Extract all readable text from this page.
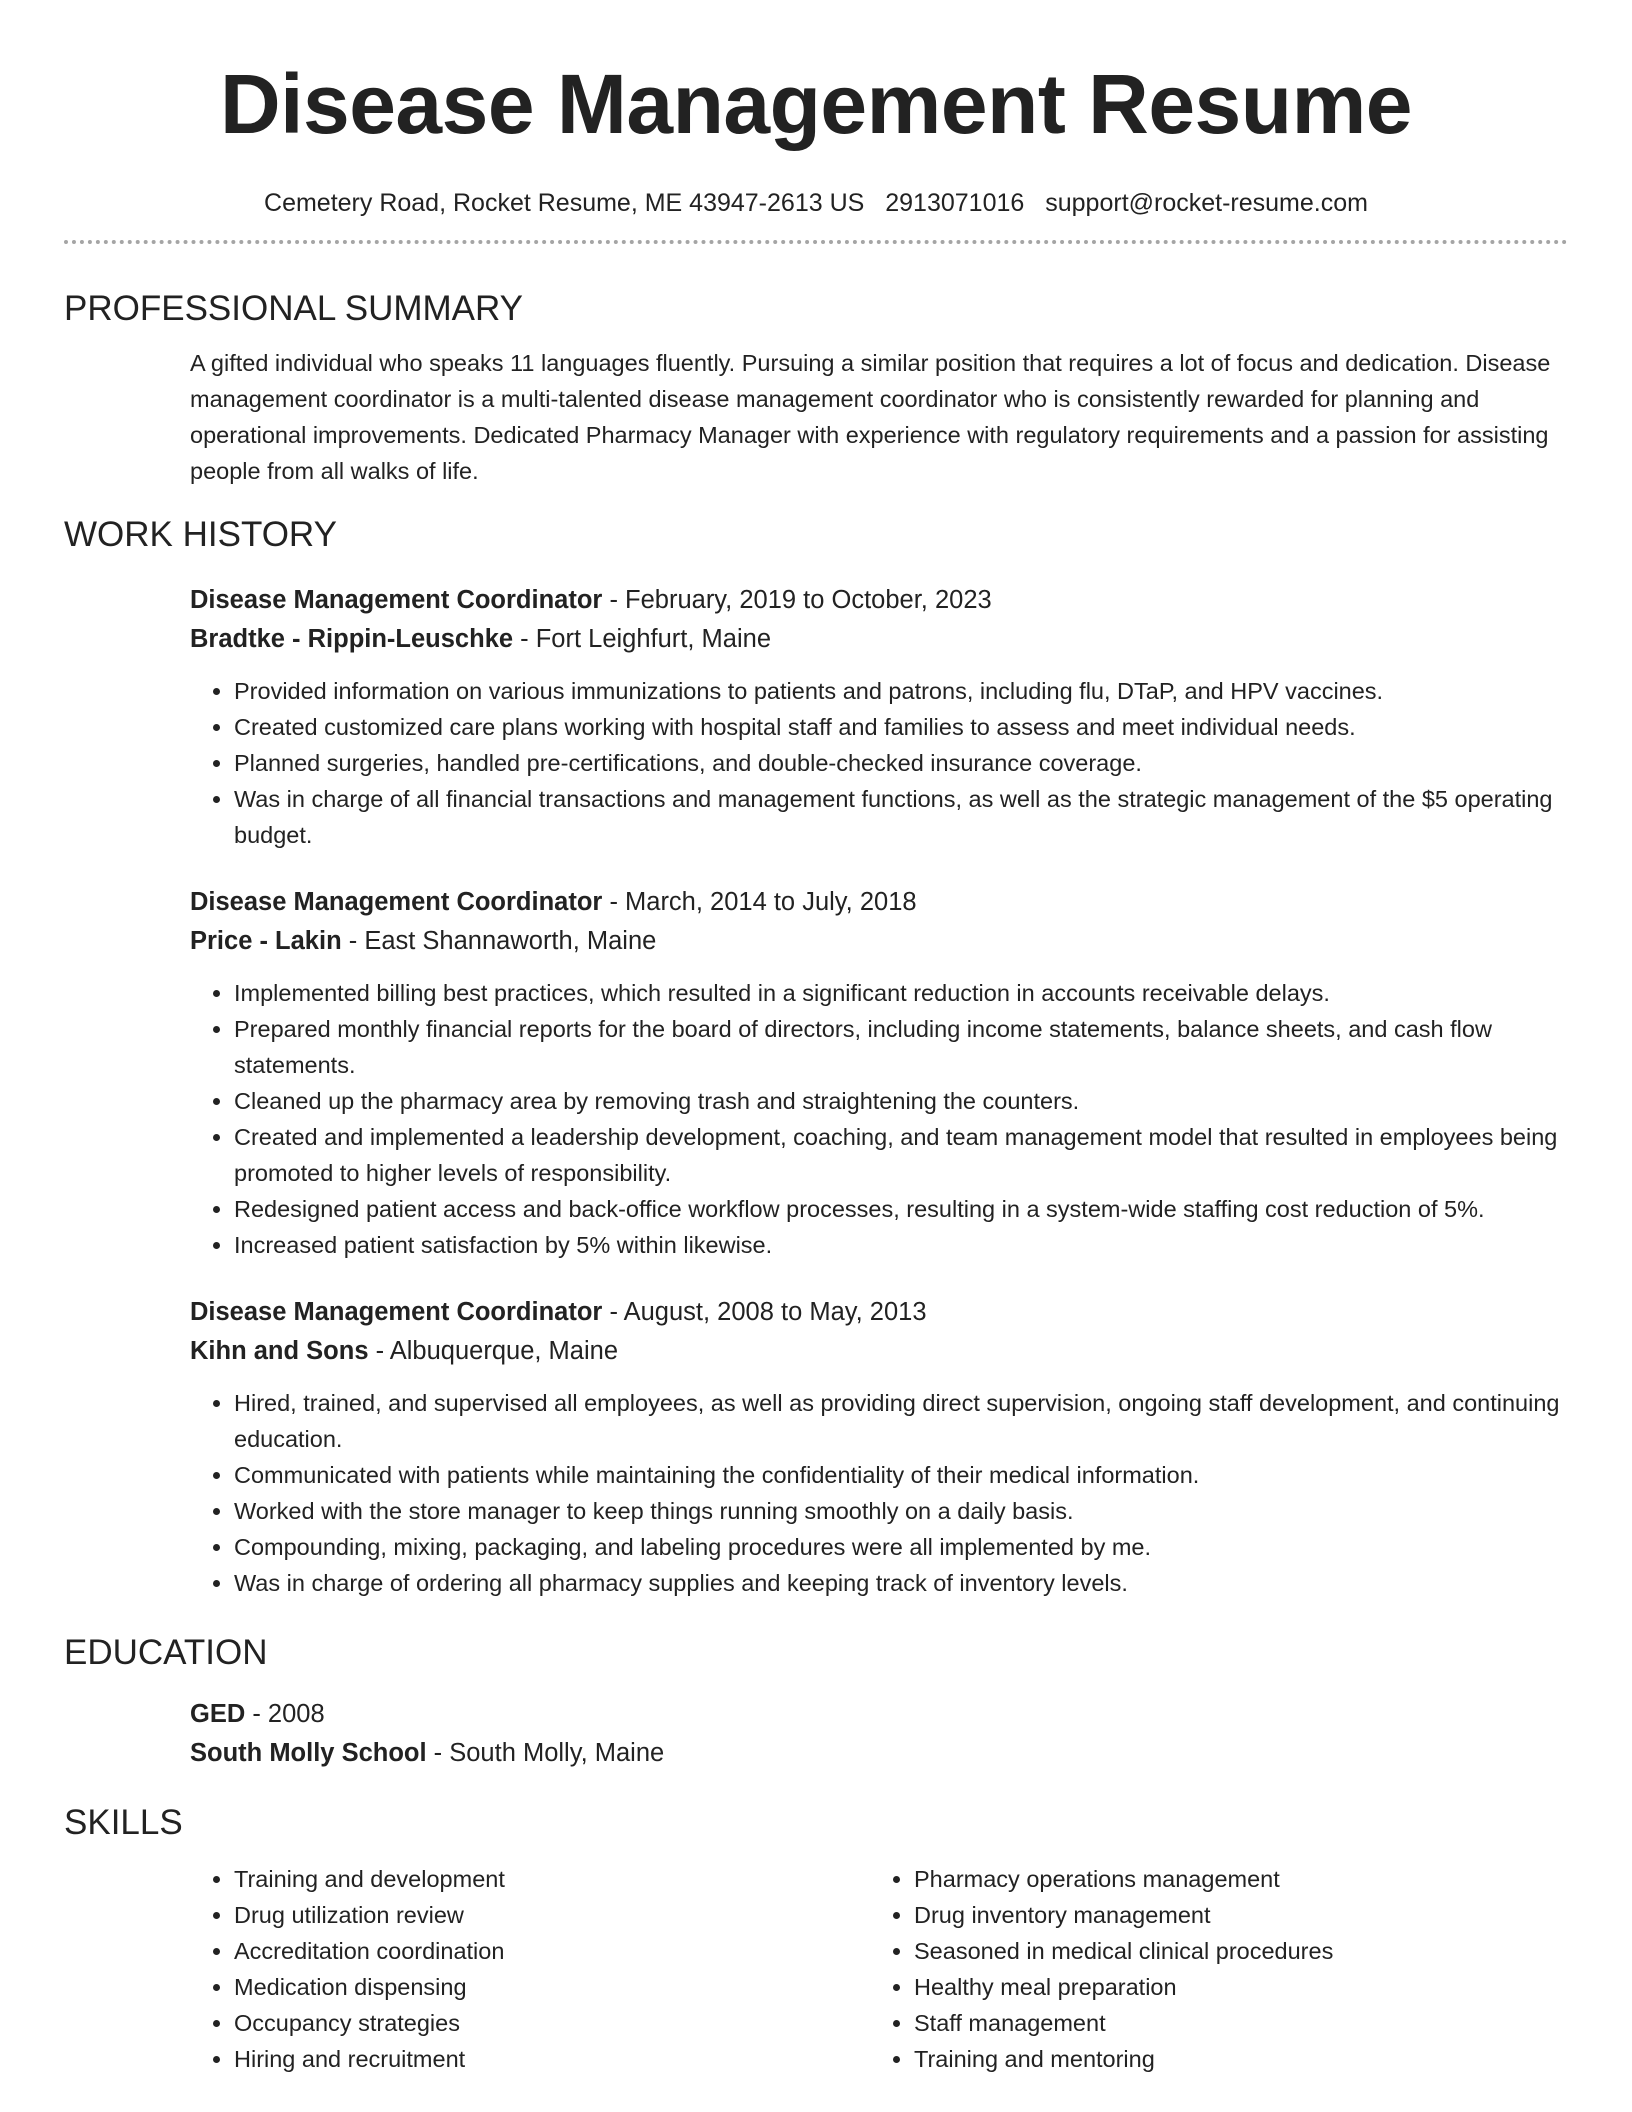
Disease Management Resume
Cemetery Road, Rocket Resume, ME 43947-2613 US 2913071016 support@rocket-resume.com
PROFESSIONAL SUMMARY

A gifted individual who speaks 11 languages fluently. Pursuing a similar position that requires a lot of focus and dedication. Disease management coordinator is a multi-talented disease management coordinator who is consistently rewarded for planning and operational improvements. Dedicated Pharmacy Manager with experience with regulatory requirements and a passion for assisting people from all walks of life.

WORK HISTORY
Disease Management Coordinator - February, 2019 to October, 2023
Bradtke - Rippin-Leuschke - Fort Leighfurt, Maine
• Provided information on various immunizations to patients and patrons, including flu, DTaP, and HPV vaccines.
• Created customized care plans working with hospital staff and families to assess and meet individual needs.
• Planned surgeries, handled pre-certifications, and double-checked insurance coverage.
• Was in charge of all financial transactions and management functions, as well as the strategic management of the $5 operating budget.
Disease Management Coordinator - March, 2014 to July, 2018
Price - Lakin - East Shannaworth, Maine
• Implemented billing best practices, which resulted in a significant reduction in accounts receivable delays.
• Prepared monthly financial reports for the board of directors, including income statements, balance sheets, and cash flow statements.
• Cleaned up the pharmacy area by removing trash and straightening the counters.
• Created and implemented a leadership development, coaching, and team management model that resulted in employees being promoted to higher levels of responsibility.
• Redesigned patient access and back-office workflow processes, resulting in a system-wide staffing cost reduction of 5%.
• Increased patient satisfaction by 5% within likewise.
Disease Management Coordinator - August, 2008 to May, 2013
Kihn and Sons - Albuquerque, Maine
• Hired, trained, and supervised all employees, as well as providing direct supervision, ongoing staff development, and continuing education.
• Communicated with patients while maintaining the confidentiality of their medical information.
• Worked with the store manager to keep things running smoothly on a daily basis.
• Compounding, mixing, packaging, and labeling procedures were all implemented by me.
• Was in charge of ordering all pharmacy supplies and keeping track of inventory levels.
EDUCATION
GED - 2008
South Molly School - South Molly, Maine
SKILLS
• Training and development
• Drug utilization review
• Accreditation coordination
• Medication dispensing
• Occupancy strategies
• Hiring and recruitment
• Pharmacy operations management
• Drug inventory management
• Seasoned in medical clinical procedures
• Healthy meal preparation
• Staff management
• Training and mentoring
